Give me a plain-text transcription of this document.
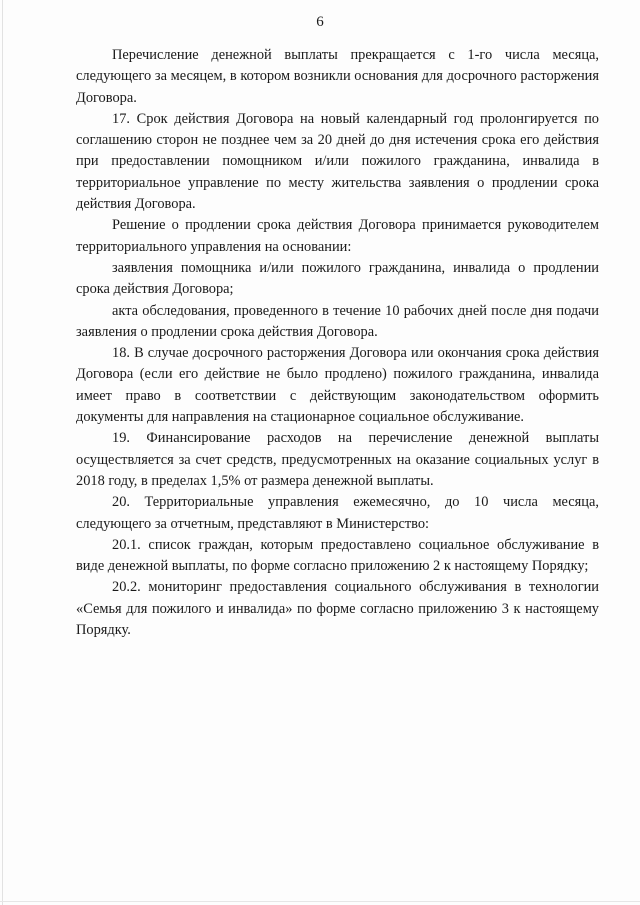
6

Перечисление денежной выплаты прекращается с 1-го числа месяца, следующего за месяцем, в котором возникли основания для досрочного расторжения Договора.

17. Срок действия Договора на новый календарный год пролонгируется по соглашению сторон не позднее чем за 20 дней до дня истечения срока его действия при предоставлении помощником и/или пожилого гражданина, инвалида в территориальное управление по месту жительства заявления о продлении срока действия Договора.

Решение о продлении срока действия Договора принимается руководителем территориального управления на основании:

заявления помощника и/или пожилого гражданина, инвалида о продлении срока действия Договора;

акта обследования, проведенного в течение 10 рабочих дней после дня подачи заявления о продлении срока действия Договора.

18. В случае досрочного расторжения Договора или окончания срока действия Договора (если его действие не было продлено) пожилого гражданина, инвалида имеет право в соответствии с действующим законодательством оформить документы для направления на стационарное социальное обслуживание.

19. Финансирование расходов на перечисление денежной выплаты осуществляется за счет средств, предусмотренных на оказание социальных услуг в 2018 году, в пределах 1,5% от размера денежной выплаты.

20. Территориальные управления ежемесячно, до 10 числа месяца, следующего за отчетным, представляют в Министерство:

20.1. список граждан, которым предоставлено социальное обслуживание в виде денежной выплаты, по форме согласно приложению 2 к настоящему Порядку;

20.2. мониторинг предоставления социального обслуживания в технологии «Семья для пожилого и инвалида» по форме согласно приложению 3 к настоящему Порядку.
